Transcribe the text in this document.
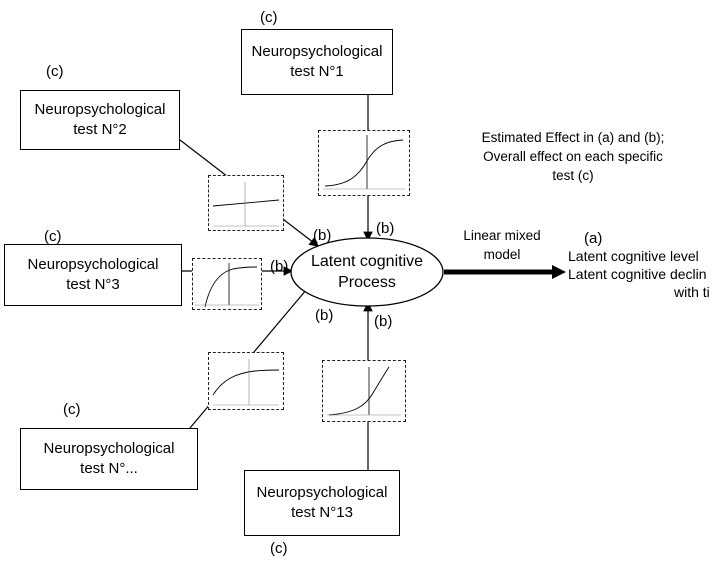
Neuropsychological
test N°1
Neuropsychological
test N°2
Neuropsychological
test N°3
Neuropsychological
test N°...
Neuropsychological
test N°13
(c)
(c)
(c)
(c)
(c)
(b)
(b)
(b)
(b)	(b)
Latent cognitive
Process
Linear mixed
model
Estimated Effect in (a) and (b);
Overall effect on each specific
test (c)
(a)
Latent cognitive level
Latent cognitive declin
with ti
